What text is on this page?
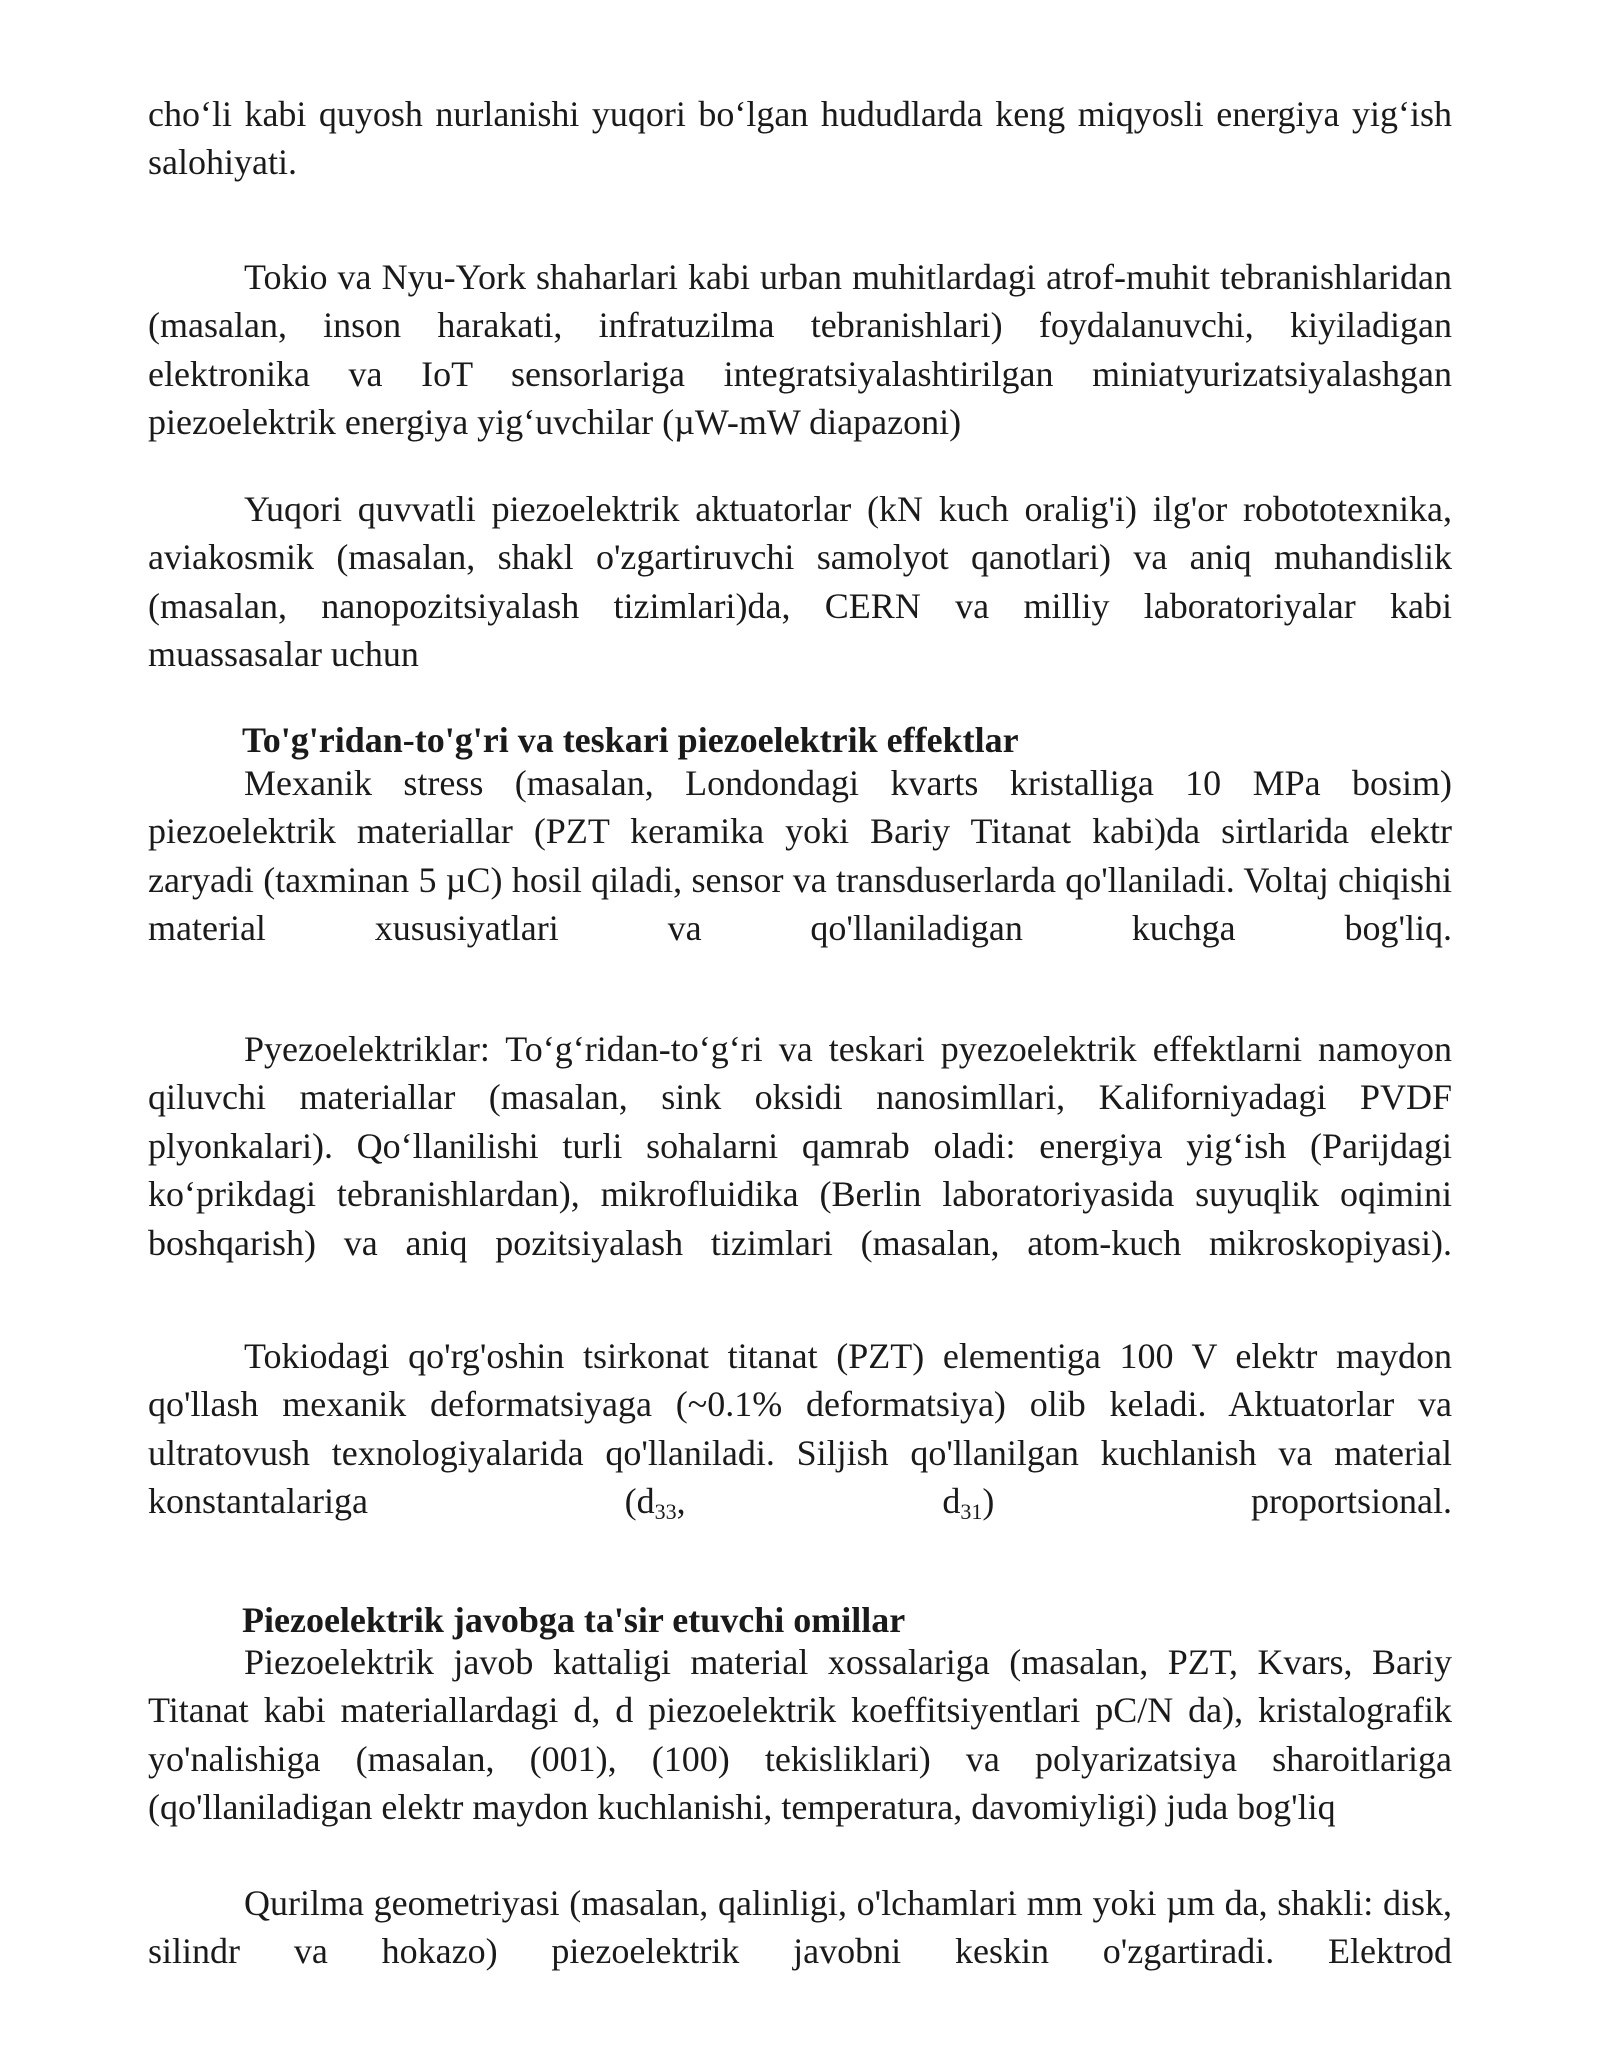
cho‘li kabi quyosh nurlanishi yuqori bo‘lgan hududlarda keng miqyosli energiya yig‘ish salohiyati.

Tokio va Nyu-York shaharlari kabi urban muhitlardagi atrof-muhit tebranishlaridan (masalan, inson harakati, infratuzilma tebranishlari) foydalanuvchi, kiyiladigan elektronika va IoT sensorlariga integratsiyalashtirilgan miniatyurizatsiyalashgan piezoelektrik energiya yig‘uvchilar (µW-mW diapazoni)

Yuqori quvvatli piezoelektrik aktuatorlar (kN kuch oralig'i) ilg'or robototexnika, aviakosmik (masalan, shakl o'zgartiruvchi samolyot qanotlari) va aniq muhandislik (masalan, nanopozitsiyalash tizimlari)da, CERN va milliy laboratoriyalar kabi muassasalar uchun

To'g'ridan-to'g'ri va teskari piezoelektrik effektlar

Mexanik stress (masalan, Londondagi kvarts kristalliga 10 MPa bosim) piezoelektrik materiallar (PZT keramika yoki Bariy Titanat kabi)da sirtlarida elektr zaryadi (taxminan 5 µC) hosil qiladi, sensor va transduserlarda qo'llaniladi. Voltaj chiqishi material xususiyatlari va qo'llaniladigan kuchga bog'liq.

Pyezoelektriklar: To‘g‘ridan-to‘g‘ri va teskari pyezoelektrik effektlarni namoyon qiluvchi materiallar (masalan, sink oksidi nanosimllari, Kaliforniyadagi PVDF plyonkalari). Qo‘llanilishi turli sohalarni qamrab oladi: energiya yig‘ish (Parijdagi ko‘prikdagi tebranishlardan), mikrofluidika (Berlin laboratoriyasida suyuqlik oqimini boshqarish) va aniq pozitsiyalash tizimlari (masalan, atom-kuch mikroskopiyasi).

Tokiodagi qo'rg'oshin tsirkonat titanat (PZT) elementiga 100 V elektr maydon qo'llash mexanik deformatsiyaga (~0.1% deformatsiya) olib keladi. Aktuatorlar va ultratovush texnologiyalarida qo'llaniladi. Siljish qo'llanilgan kuchlanish va material konstantalariga	($d_{33}$,	$d_{31}$)	proportsional.

Piezoelektrik javobga ta'sir etuvchi omillar

Piezoelektrik javob kattaligi material xossalariga (masalan, PZT, Kvars, Bariy Titanat kabi materiallardagi d, d piezoelektrik koeffitsiyentlari pC/N da), kristalografik yo'nalishiga (masalan, (001), (100) tekisliklari) va polyarizatsiya sharoitlariga (qo'llaniladigan elektr maydon kuchlanishi, temperatura, davomiyligi) juda bog'liq

Qurilma geometriyasi (masalan, qalinligi, o'lchamlari mm yoki µm da, shakli: disk, silindr va hokazo) piezoelektrik javobni keskin o'zgartiradi. Elektrod
